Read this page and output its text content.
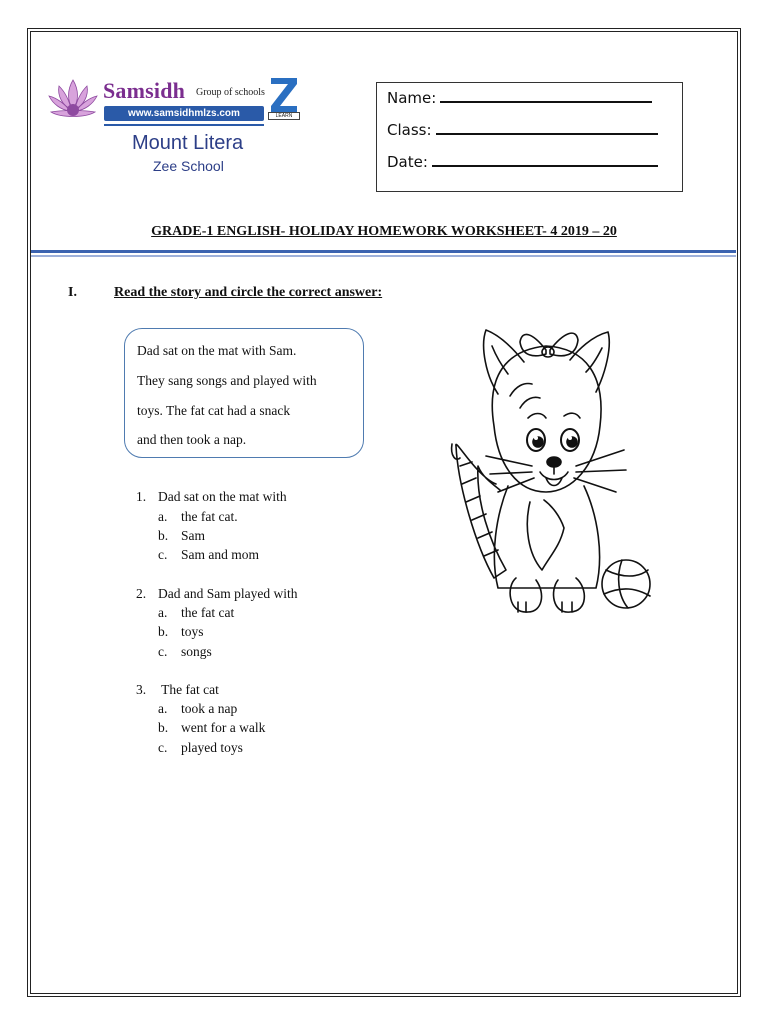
Samsidh Group of schools
www.samsidhmlzs.com	LEARN
Mount Litera
Zee School
Name:
Class:
Date:
GRADE-1 ENGLISH- HOLIDAY HOMEWORK WORKSHEET- 4 2019 – 20
I.	Read the story and circle the correct answer:
Dad sat on the mat with Sam.
They sang songs and played with
toys. The fat cat had a snack
and then took a nap.
1. Dad sat on the mat with
a. the fat cat.
b. Sam
c. Sam and mom
2. Dad and Sam played with
a. the fat cat
b. toys
c. songs
3. The fat cat
a. took a nap
b. went for a walk
c. played toys
